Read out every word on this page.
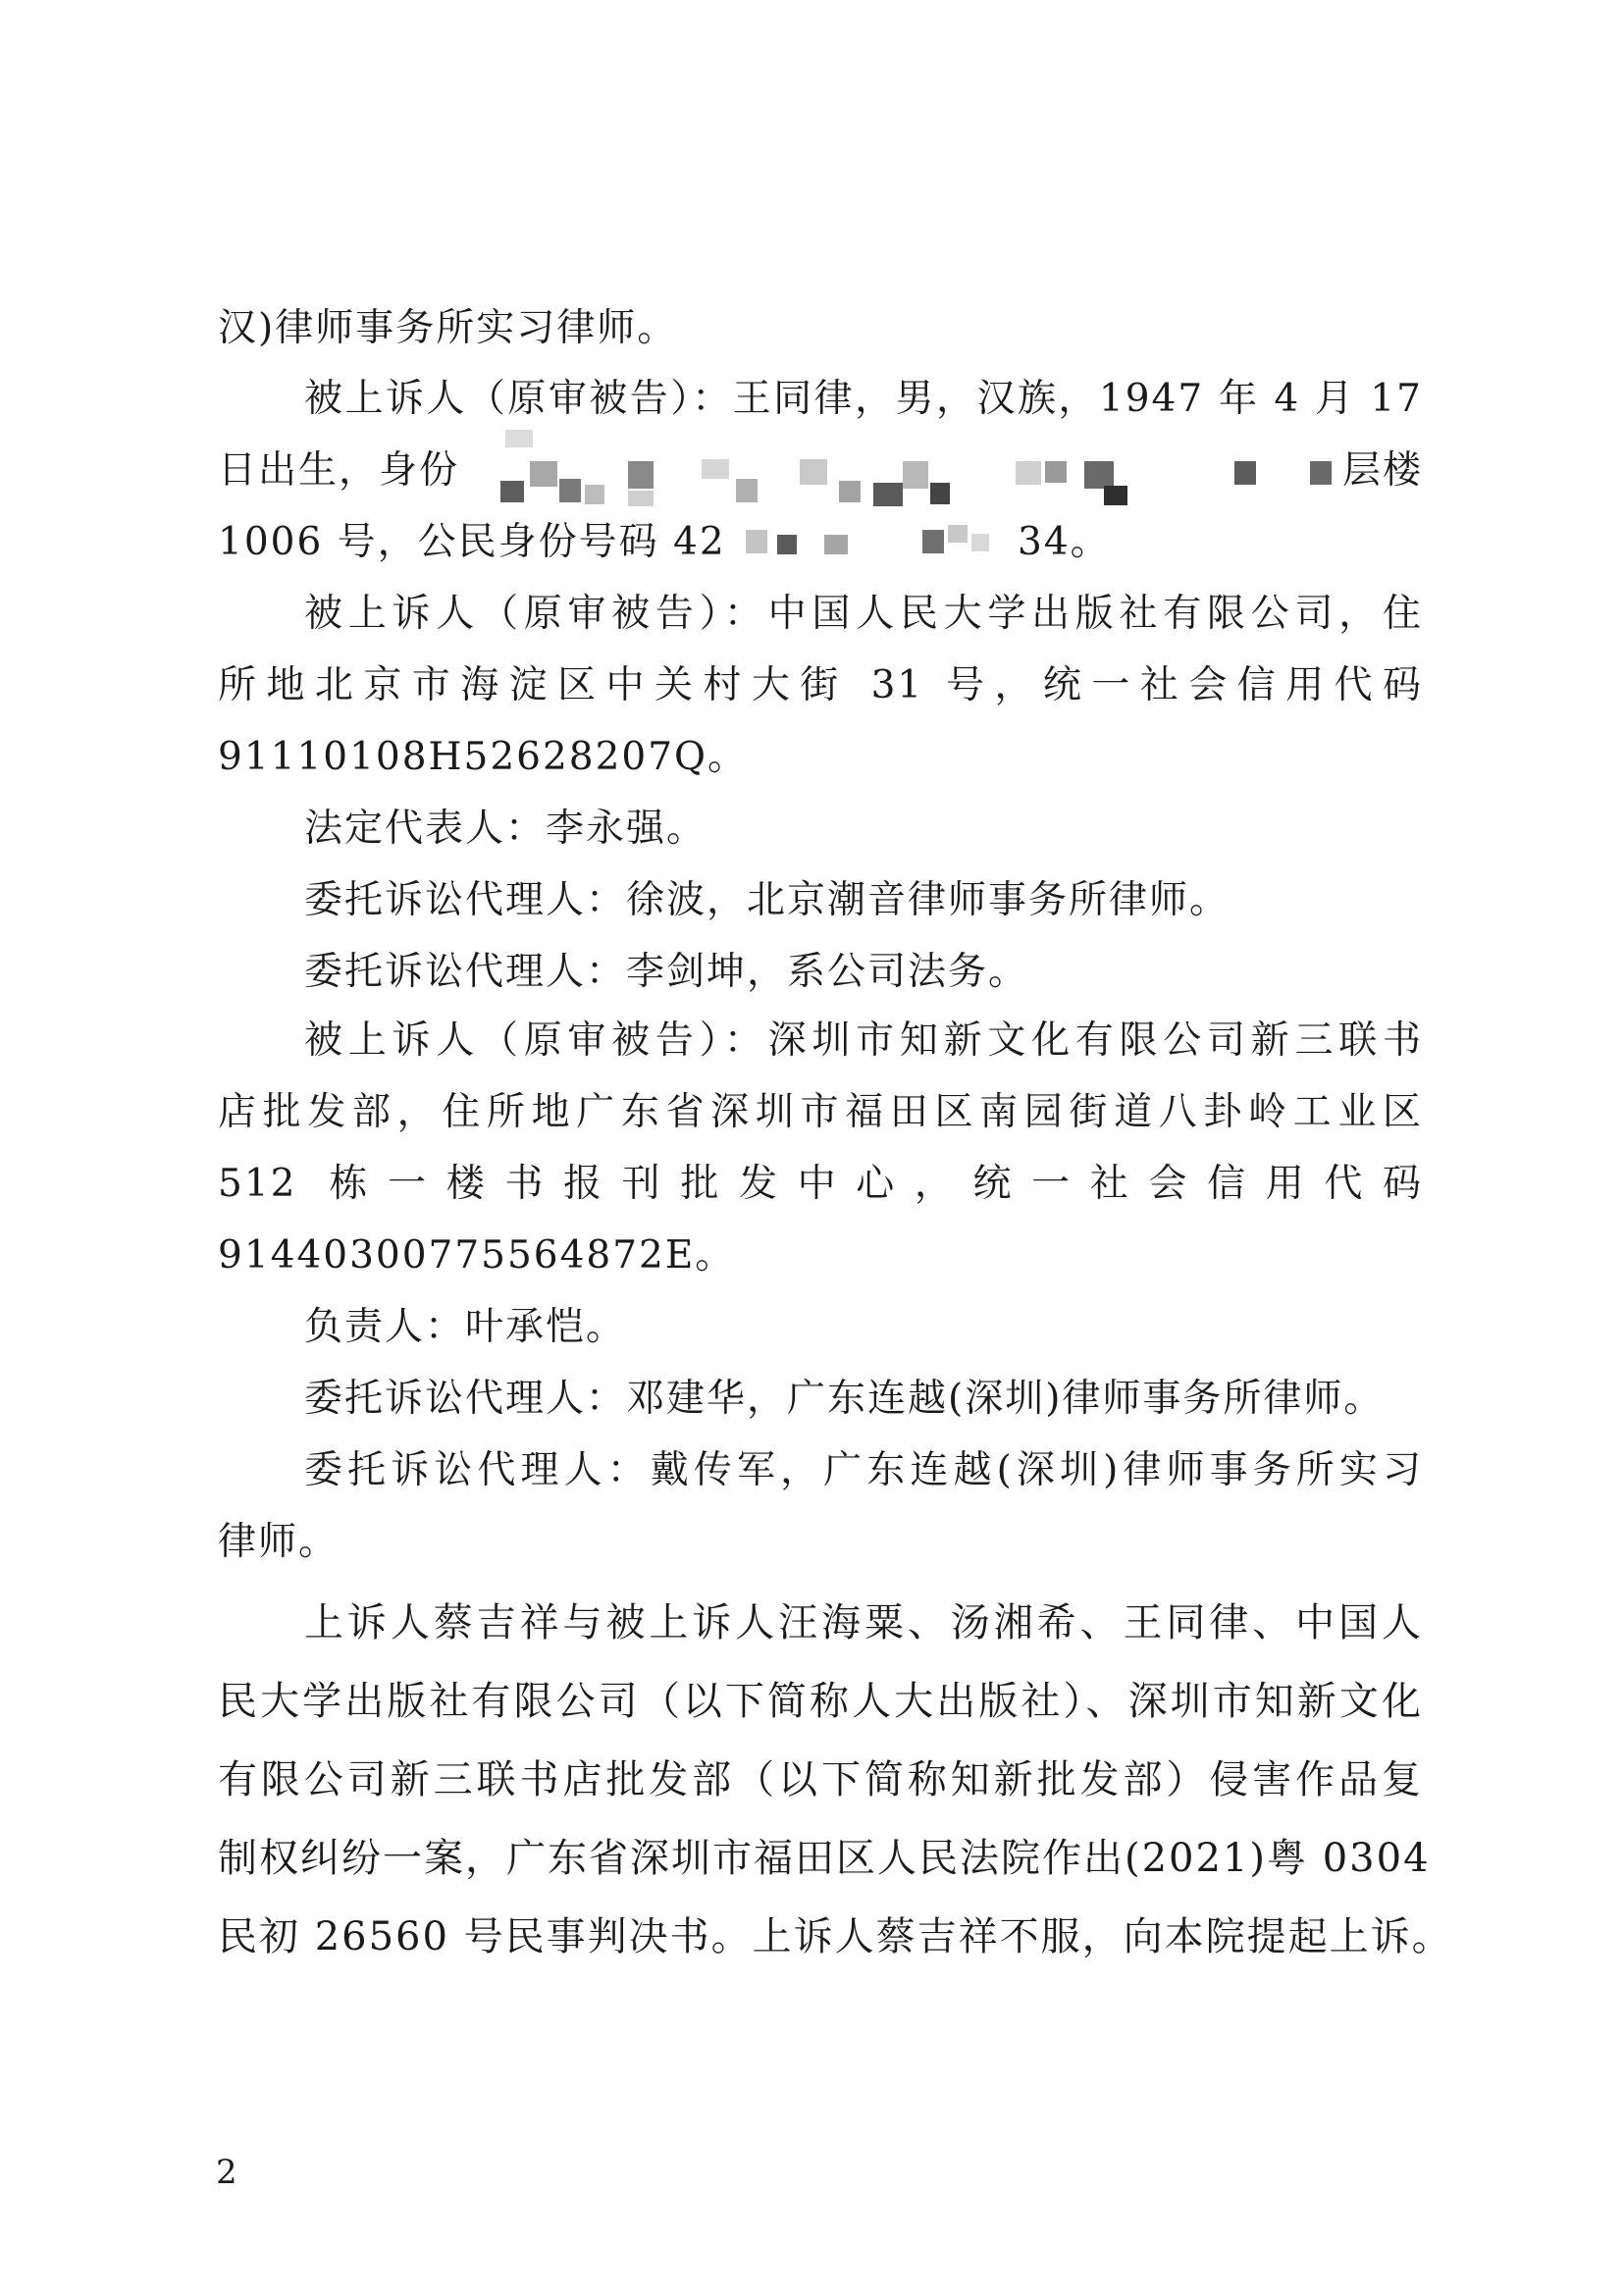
汉)律师事务所实习律师。
被上诉人（原审被告）：王同律，男，汉族，1947 年 4 月 17
日出生，身份	层楼
1006 号，公民身份号码 42	34。
被上诉人（原审被告）：中国人民大学出版社有限公司，住
所地北京市海淀区中关村大街 31 号，统一社会信用代码
91110108H52628207Q。
法定代表人：李永强。
委托诉讼代理人：徐波，北京潮音律师事务所律师。
委托诉讼代理人：李剑坤，系公司法务。
被上诉人（原审被告）：深圳市知新文化有限公司新三联书
店批发部，住所地广东省深圳市福田区南园街道八卦岭工业区
512 栋一楼书报刊批发中心，统一社会信用代码
91440300775564872E。
负责人：叶承恺。
委托诉讼代理人：邓建华，广东连越(深圳)律师事务所律师。
委托诉讼代理人：戴传军，广东连越(深圳)律师事务所实习
律师。
上诉人蔡吉祥与被上诉人汪海粟、汤湘希、王同律、中国人
民大学出版社有限公司（以下简称人大出版社）、深圳市知新文化
有限公司新三联书店批发部（以下简称知新批发部）侵害作品复
制权纠纷一案，广东省深圳市福田区人民法院作出(2021)粤 0304
民初 26560 号民事判决书。上诉人蔡吉祥不服，向本院提起上诉。
2
